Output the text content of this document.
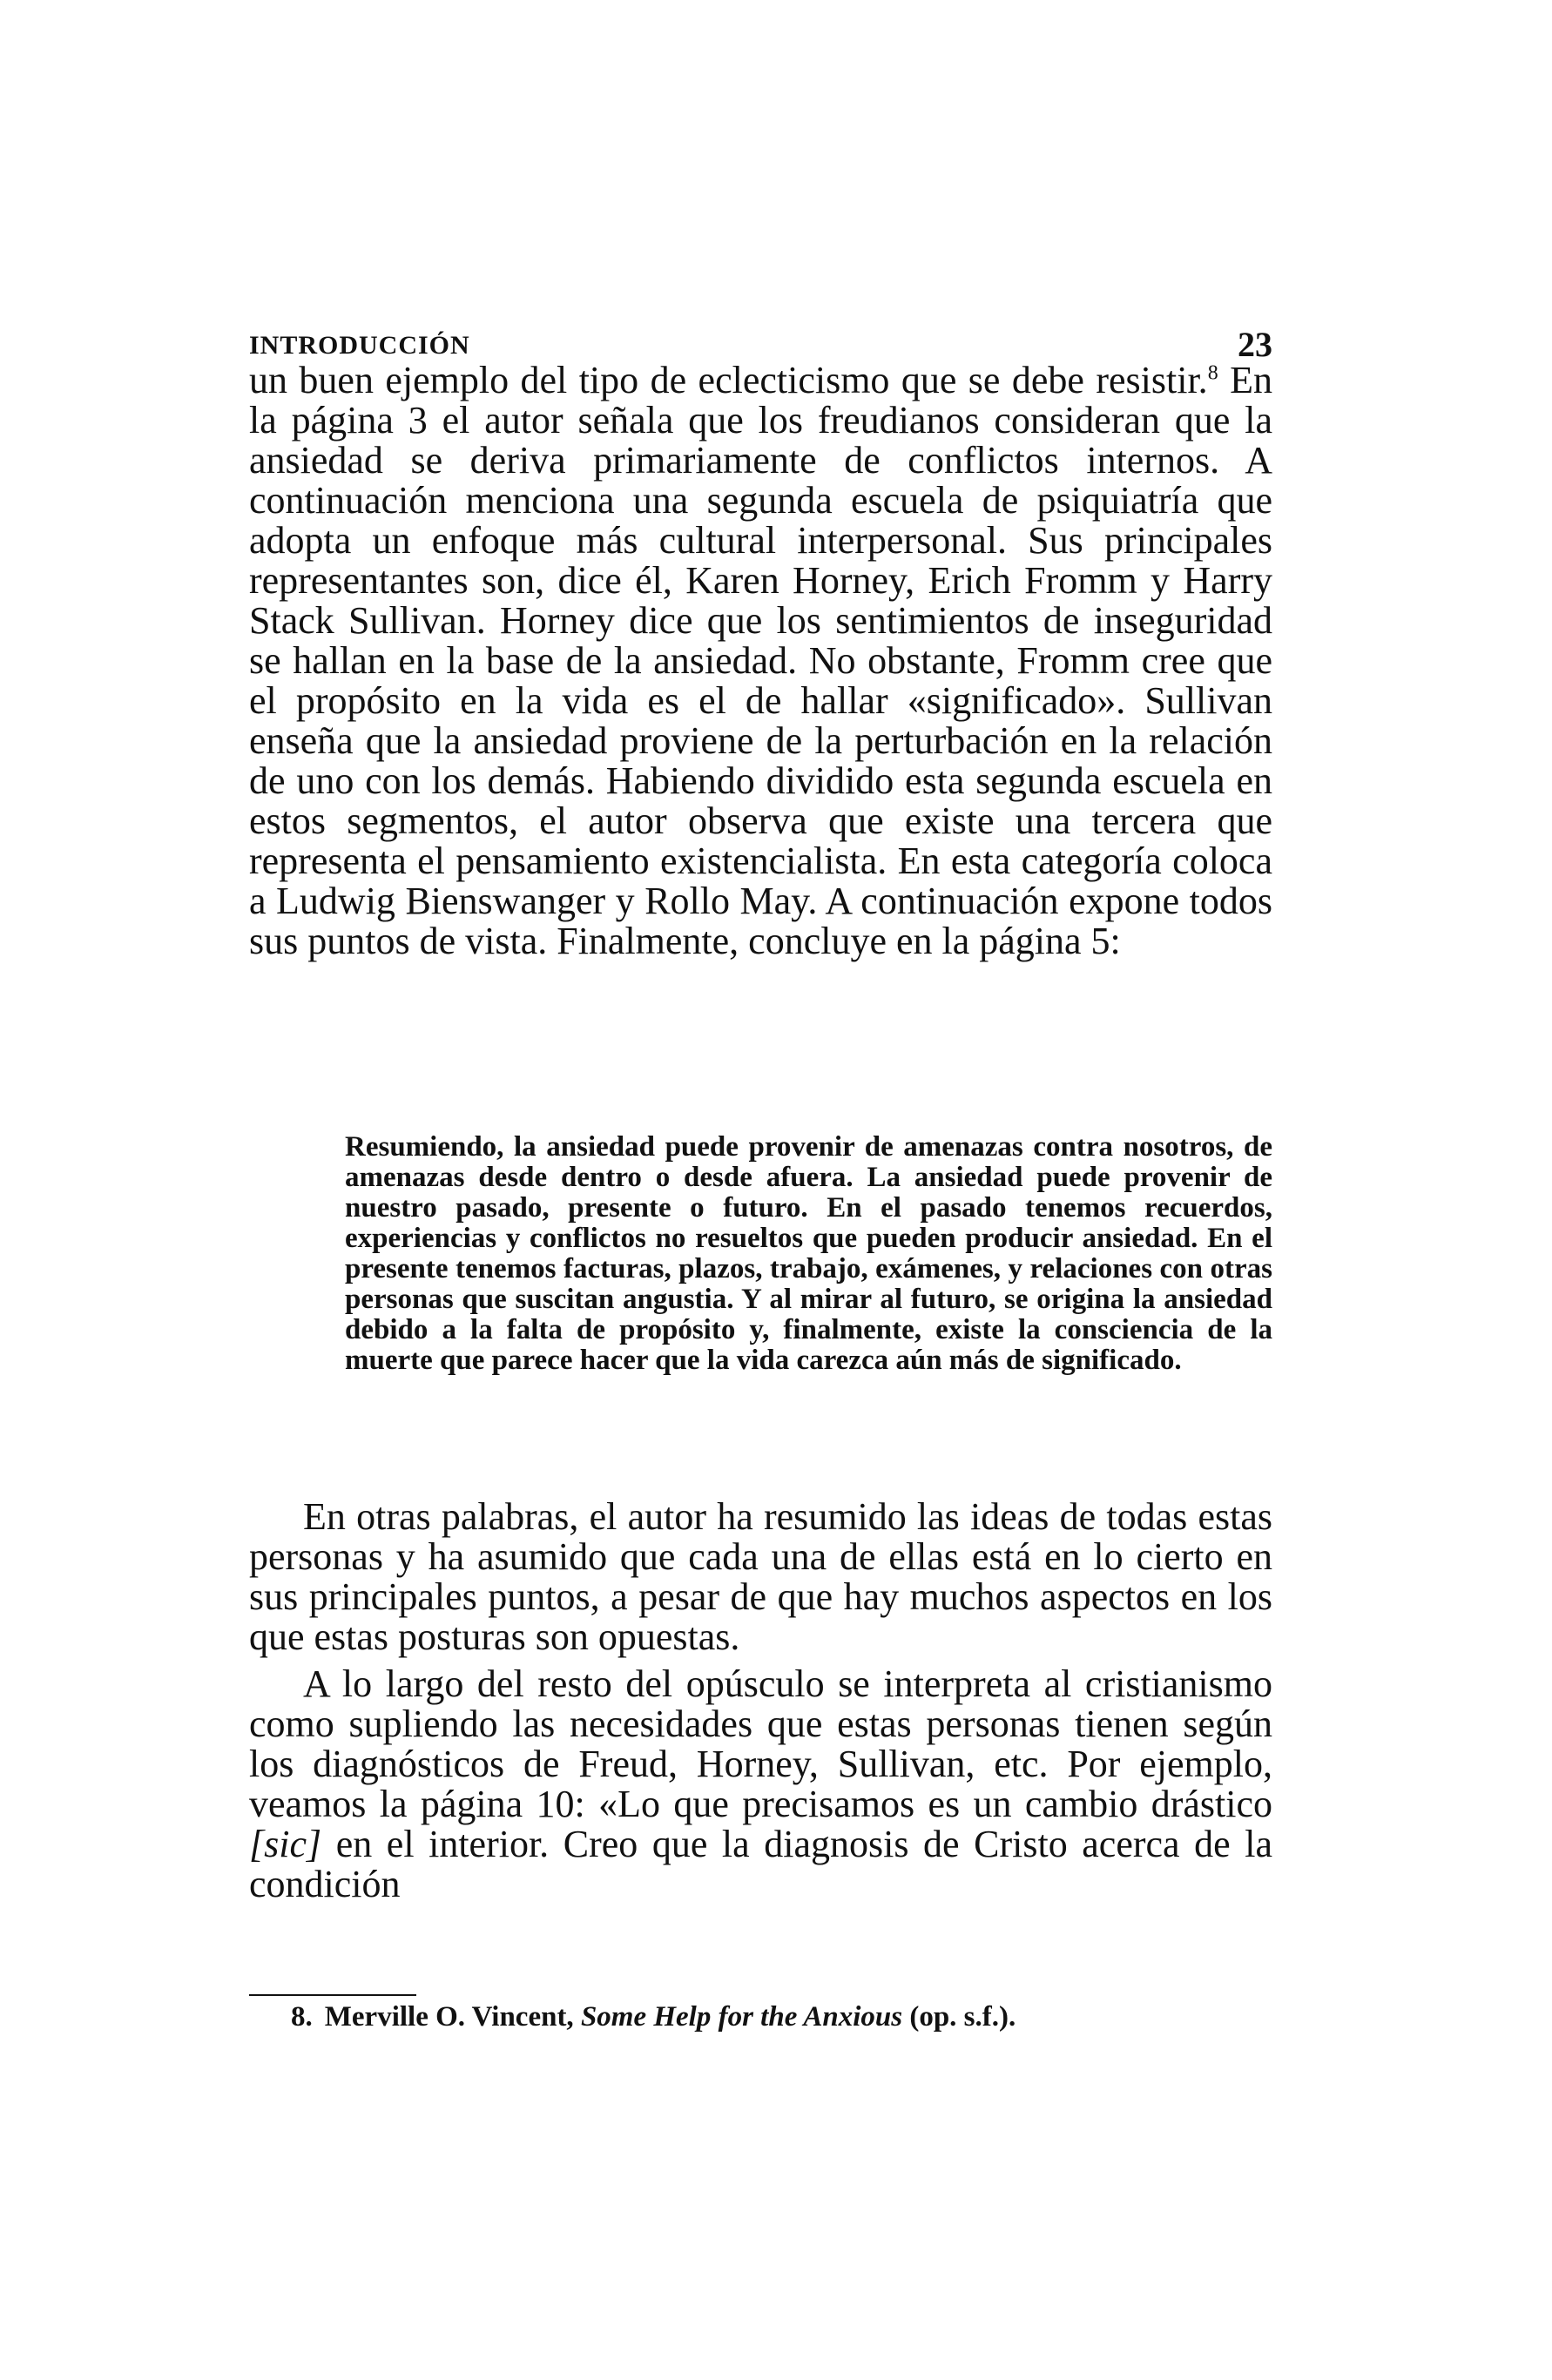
INTRODUCCIÓN	23

un buen ejemplo del tipo de eclecticismo que se debe resistir.$^8$ En la página 3 el autor señala que los freudianos consideran que la ansiedad se deriva primariamente de conflictos internos. A continuación menciona una segunda escuela de psiquiatría que adopta un enfoque más cultural interpersonal. Sus principales representantes son, dice él, Karen Horney, Erich Fromm y Harry Stack Sullivan. Horney dice que los sentimientos de inseguridad se hallan en la base de la ansiedad. No obstante, Fromm cree que el propósito en la vida es el de hallar «significado». Sullivan enseña que la ansiedad proviene de la perturbación en la relación de uno con los demás. Habiendo dividido esta segunda escuela en estos segmentos, el autor observa que existe una tercera que representa el pensamiento existencialista. En esta categoría coloca a Ludwig Bienswanger y Rollo May. A continuación expone todos sus puntos de vista. Finalmente, concluye en la página 5:

Resumiendo, la ansiedad puede provenir de amenazas contra nosotros, de amenazas desde dentro o desde afuera. La ansiedad puede provenir de nuestro pasado, presente o futuro. En el pasado tenemos recuerdos, experiencias y conflictos no resueltos que pueden producir ansiedad. En el presente tenemos facturas, plazos, trabajo, exámenes, y relaciones con otras personas que suscitan angustia. Y al mirar al futuro, se origina la ansiedad debido a la falta de propósito y, finalmente, existe la consciencia de la muerte que parece hacer que la vida carezca aún más de significado.

En otras palabras, el autor ha resumido las ideas de todas estas personas y ha asumido que cada una de ellas está en lo cierto en sus principales puntos, a pesar de que hay muchos aspectos en los que estas posturas son opuestas.

A lo largo del resto del opúsculo se interpreta al cristianismo como supliendo las necesidades que estas personas tienen según los diagnósticos de Freud, Horney, Sullivan, etc. Por ejemplo, veamos la página 10: «Lo que precisamos es un cambio drástico [sic] en el interior. Creo que la diagnosis de Cristo acerca de la condición

8. Merville O. Vincent, Some Help for the Anxious (op. s.f.).
